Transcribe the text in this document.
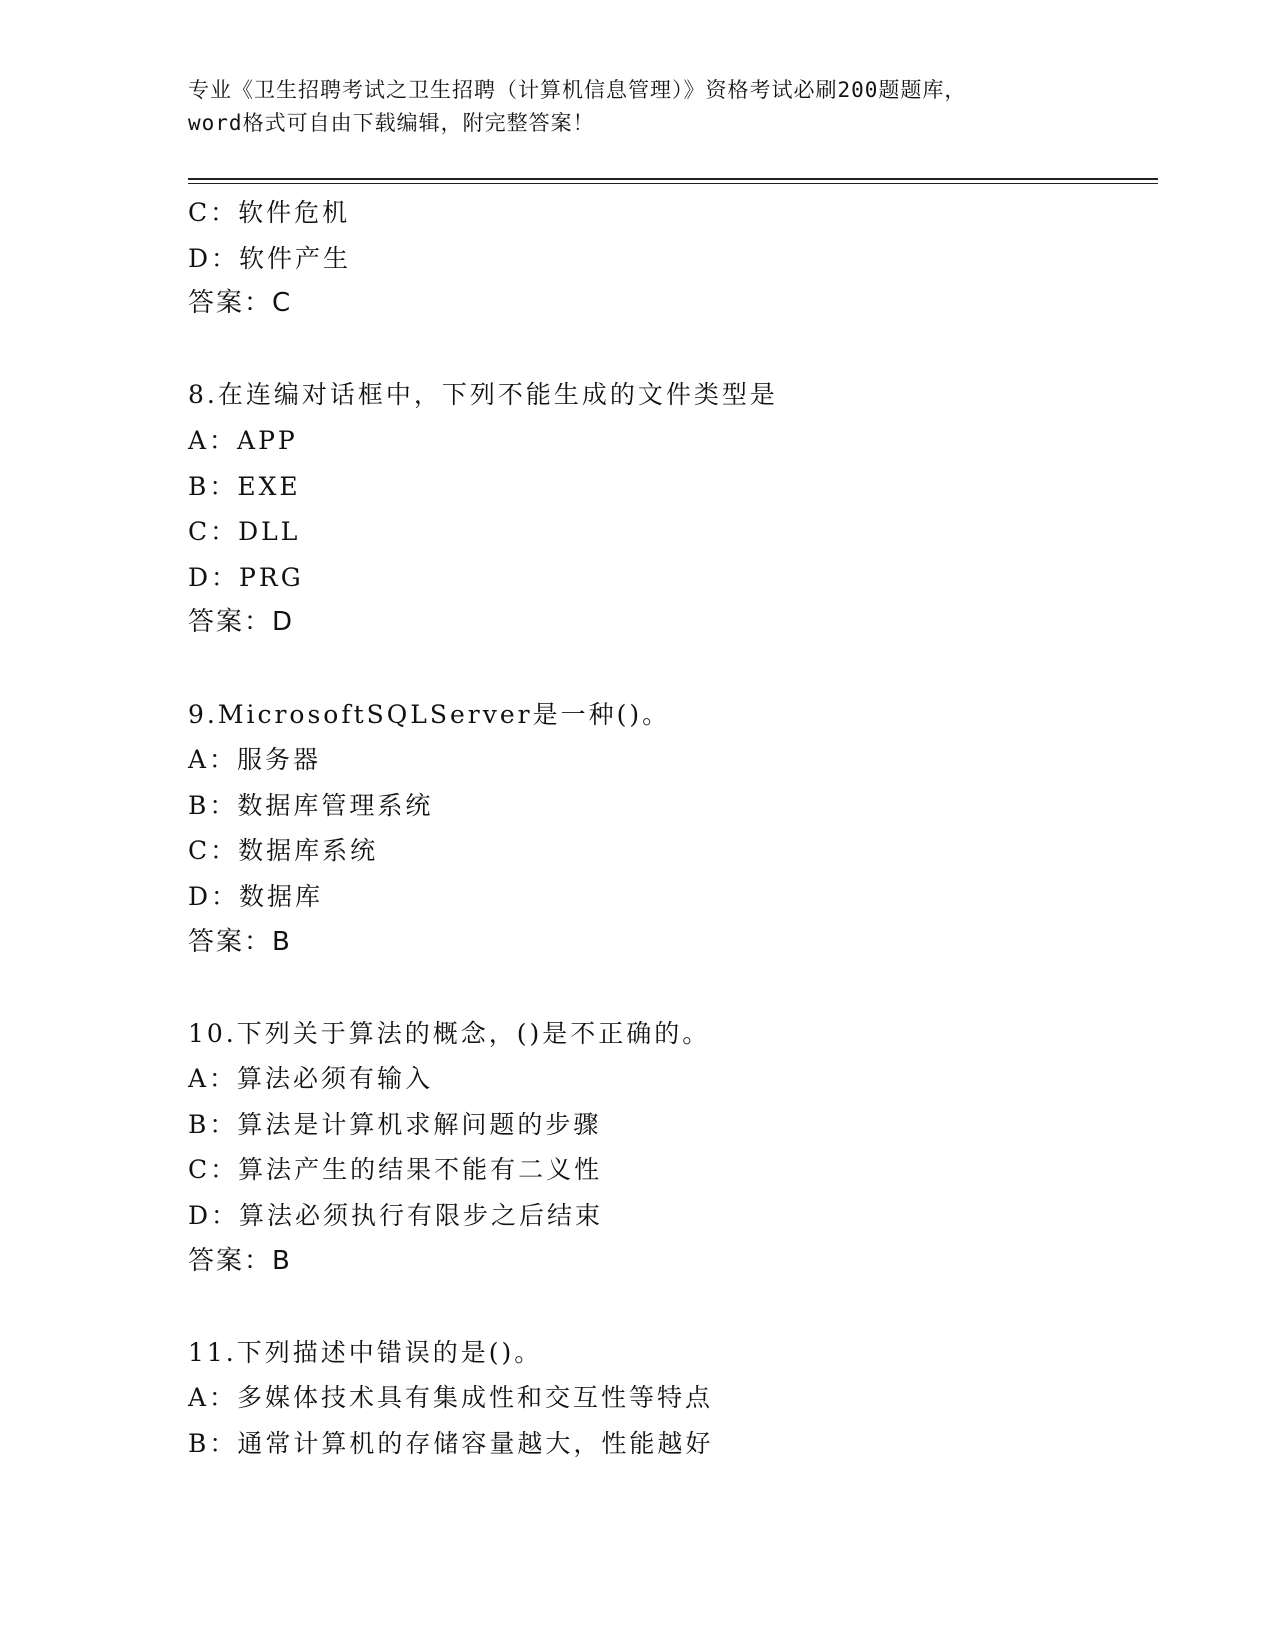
专业《卫生招聘考试之卫生招聘（计算机信息管理）》资格考试必刷200题题库，
word格式可自由下载编辑，附完整答案！
C：软件危机
D：软件产生
答案：C
8.在连编对话框中，下列不能生成的文件类型是
A：APP
B：EXE
C：DLL
D：PRG
答案：D
9.MicrosoftSQLServer是一种()。
A：服务器
B：数据库管理系统
C：数据库系统
D：数据库
答案：B
10.下列关于算法的概念，()是不正确的。
A：算法必须有输入
B：算法是计算机求解问题的步骤
C：算法产生的结果不能有二义性
D：算法必须执行有限步之后结束
答案：B
11.下列描述中错误的是()。
A：多媒体技术具有集成性和交互性等特点
B：通常计算机的存储容量越大，性能越好
